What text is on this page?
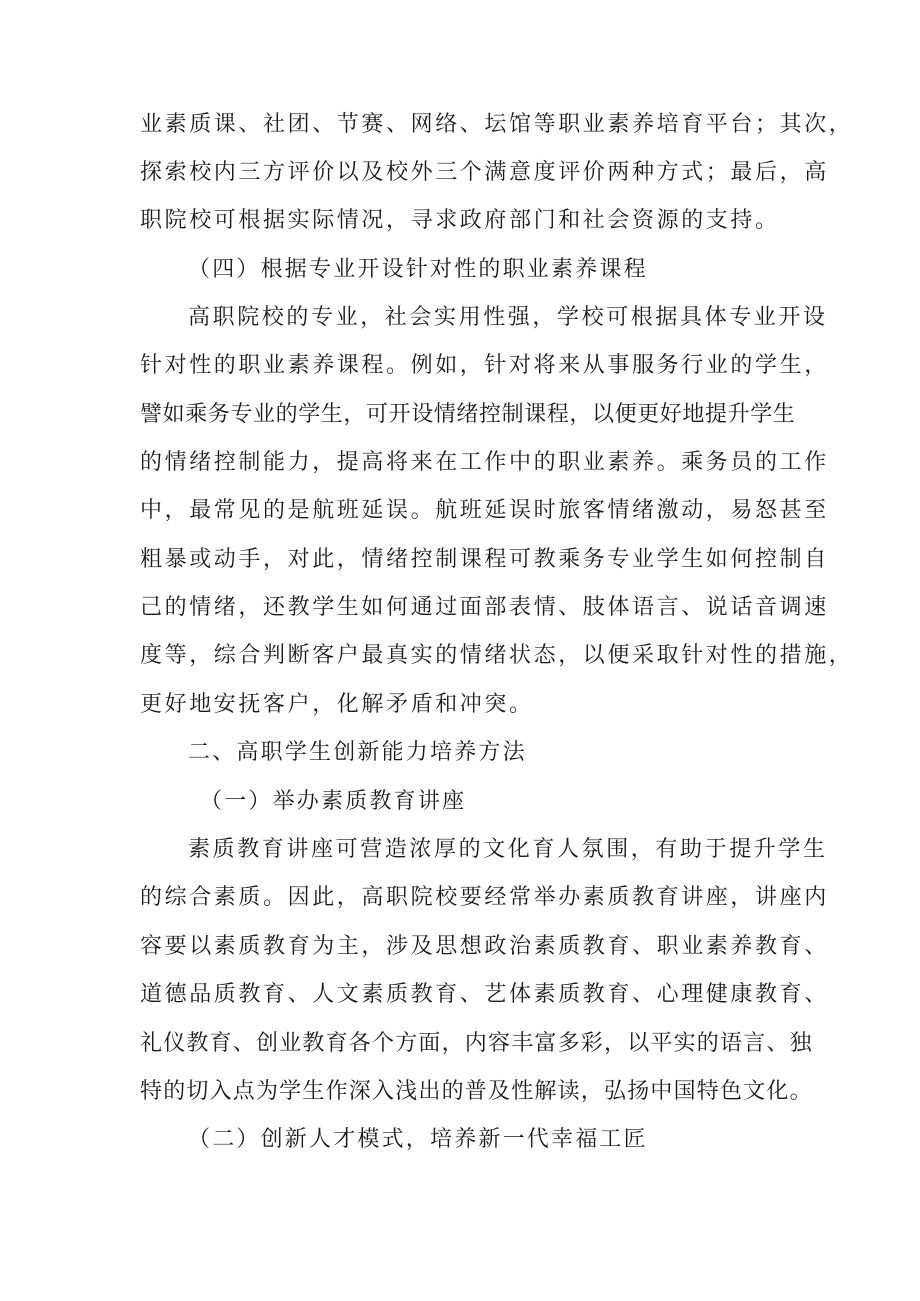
业素质课、社团、节赛、网络、坛馆等职业素养培育平台；其次，
探索校内三方评价以及校外三个满意度评价两种方式；最后，高
职院校可根据实际情况，寻求政府部门和社会资源的支持。
（四）根据专业开设针对性的职业素养课程
高职院校的专业，社会实用性强，学校可根据具体专业开设
针对性的职业素养课程。例如，针对将来从事服务行业的学生，
譬如乘务专业的学生，可开设情绪控制课程，以便更好地提升学生
的情绪控制能力，提高将来在工作中的职业素养。乘务员的工作
中，最常见的是航班延误。航班延误时旅客情绪激动，易怒甚至
粗暴或动手，对此，情绪控制课程可教乘务专业学生如何控制自
己的情绪，还教学生如何通过面部表情、肢体语言、说话音调速
度等，综合判断客户最真实的情绪状态，以便采取针对性的措施，
更好地安抚客户，化解矛盾和冲突。
二、高职学生创新能力培养方法
（一）举办素质教育讲座
素质教育讲座可营造浓厚的文化育人氛围，有助于提升学生
的综合素质。因此，高职院校要经常举办素质教育讲座，讲座内
容要以素质教育为主，涉及思想政治素质教育、职业素养教育、
道德品质教育、人文素质教育、艺体素质教育、心理健康教育、
礼仪教育、创业教育各个方面，内容丰富多彩，以平实的语言、独
特的切入点为学生作深入浅出的普及性解读，弘扬中国特色文化。
（二）创新人才模式，培养新一代幸福工匠
